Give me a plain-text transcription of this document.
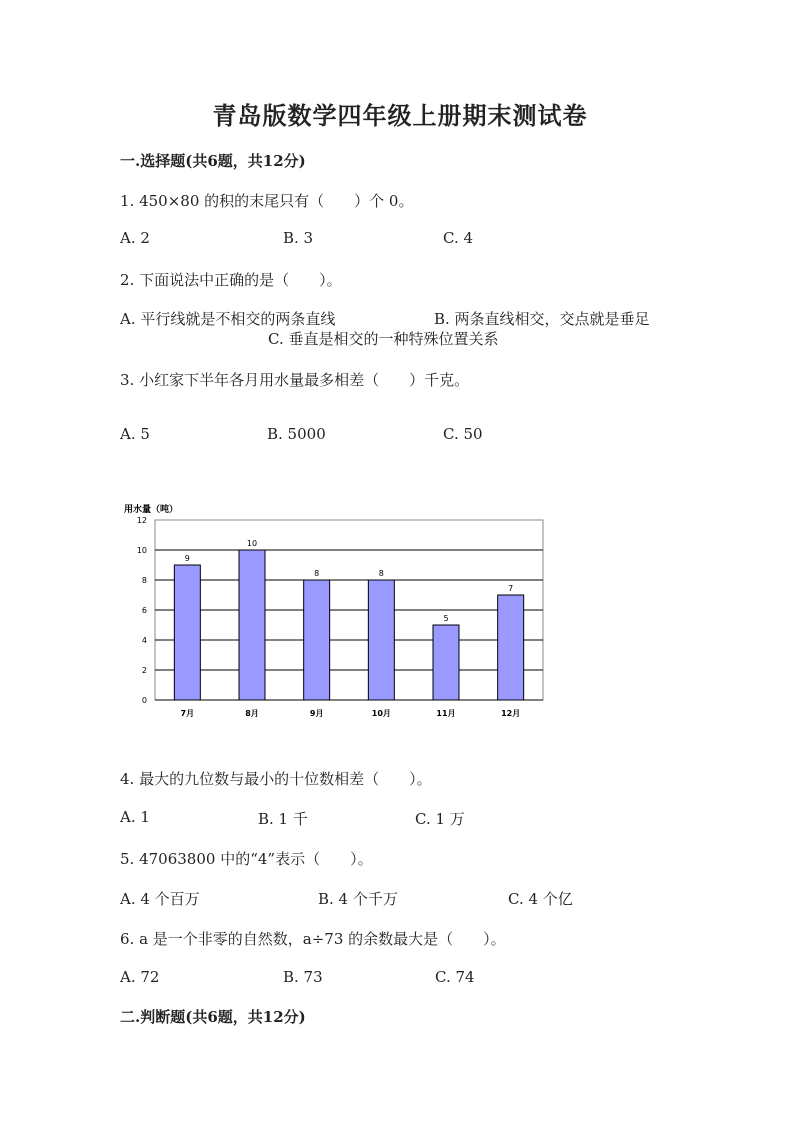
青岛版数学四年级上册期末测试卷
一.选择题(共6题，共12分)
1. 450×80 的积的末尾只有（　　）个 0。
A. 2	B. 3	C. 4
2. 下面说法中正确的是（　　）。
A. 平行线就是不相交的两条直线	B. 两条直线相交，交点就是垂足
C. 垂直是相交的一种特殊位置关系
3. 小红家下半年各月用水量最多相差（　　）千克。
A. 5	B. 5000	C. 50
用水量（吨）
0
2
4
6
8
10
12
9
7月
10
8月
8
9月
8
10月
5
11月
7
12月
4. 最大的九位数与最小的十位数相差（　　）。
A. 1	B. 1 千	C. 1 万
5. 47063800 中的“4”表示（　　）。
A. 4 个百万	B. 4 个千万	C. 4 个亿
6. a 是一个非零的自然数，a÷73 的余数最大是（　　）。
A. 72	B. 73	C. 74
二.判断题(共6题，共12分)
